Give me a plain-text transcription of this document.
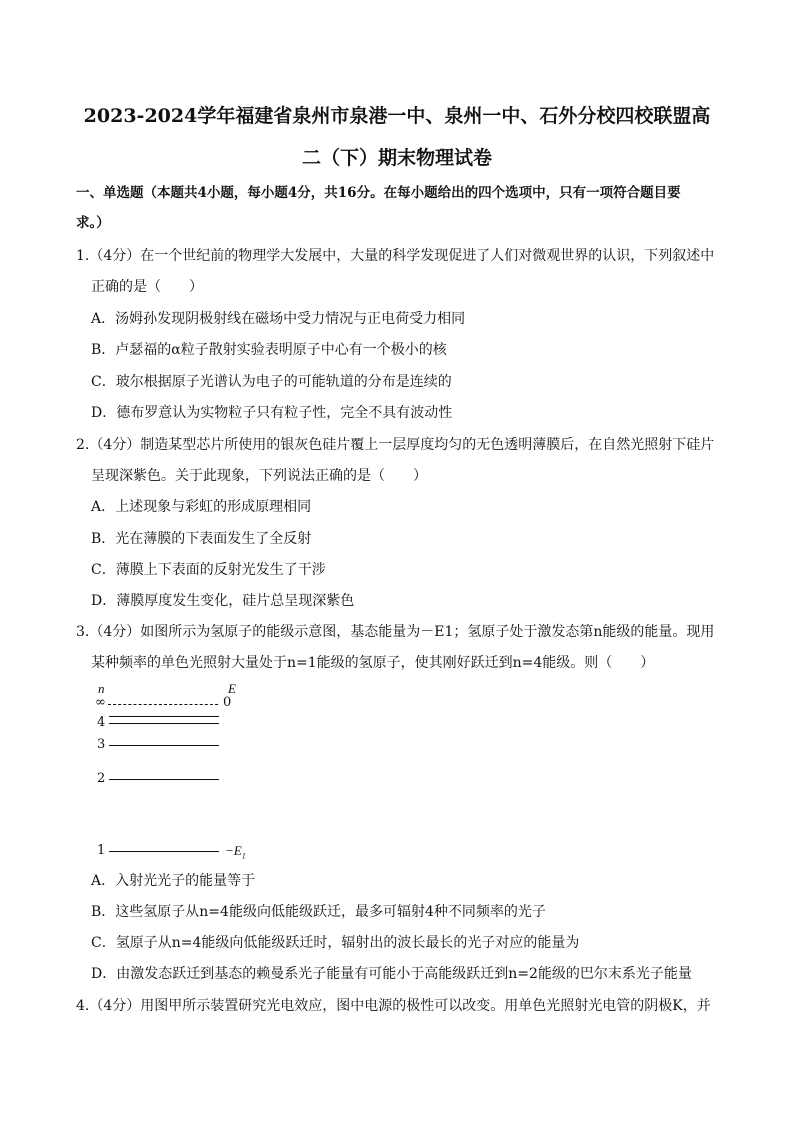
2023-2024学年福建省泉州市泉港一中、泉州一中、石外分校四校联盟高
二（下）期末物理试卷
一、单选题（本题共4小题，每小题4分，共16分。在每小题给出的四个选项中，只有一项符合题目要
求。）
1.（4分）在一个世纪前的物理学大发展中，大量的科学发现促进了人们对微观世界的认识，下列叙述中
正确的是（　　）
A．汤姆孙发现阴极射线在磁场中受力情况与正电荷受力相同
B．卢瑟福的α粒子散射实验表明原子中心有一个极小的核
C．玻尔根据原子光谱认为电子的可能轨道的分布是连续的
D．德布罗意认为实物粒子只有粒子性，完全不具有波动性
2.（4分）制造某型芯片所使用的银灰色硅片覆上一层厚度均匀的无色透明薄膜后，在自然光照射下硅片
呈现深紫色。关于此现象，下列说法正确的是（　　）
A．上述现象与彩虹的形成原理相同
B．光在薄膜的下表面发生了全反射
C．薄膜上下表面的反射光发生了干涉
D．薄膜厚度发生变化，硅片总呈现深紫色
3.（4分）如图所示为氢原子的能级示意图，基态能量为－E1；氢原子处于激发态第n能级的能量。现用
某种频率的单色光照射大量处于n=1能级的氢原子，使其刚好跃迁到n=4能级。则（　　）
n	E
∞	0
4
3
2
1	$-E_1$
A．入射光光子的能量等于
B．这些氢原子从n=4能级向低能级跃迁，最多可辐射4种不同频率的光子
C．氢原子从n=4能级向低能级跃迁时，辐射出的波长最长的光子对应的能量为
D．由激发态跃迁到基态的赖曼系光子能量有可能小于高能级跃迁到n=2能级的巴尔末系光子能量
4.（4分）用图甲所示装置研究光电效应，图中电源的极性可以改变。用单色光照射光电管的阴极K，并
